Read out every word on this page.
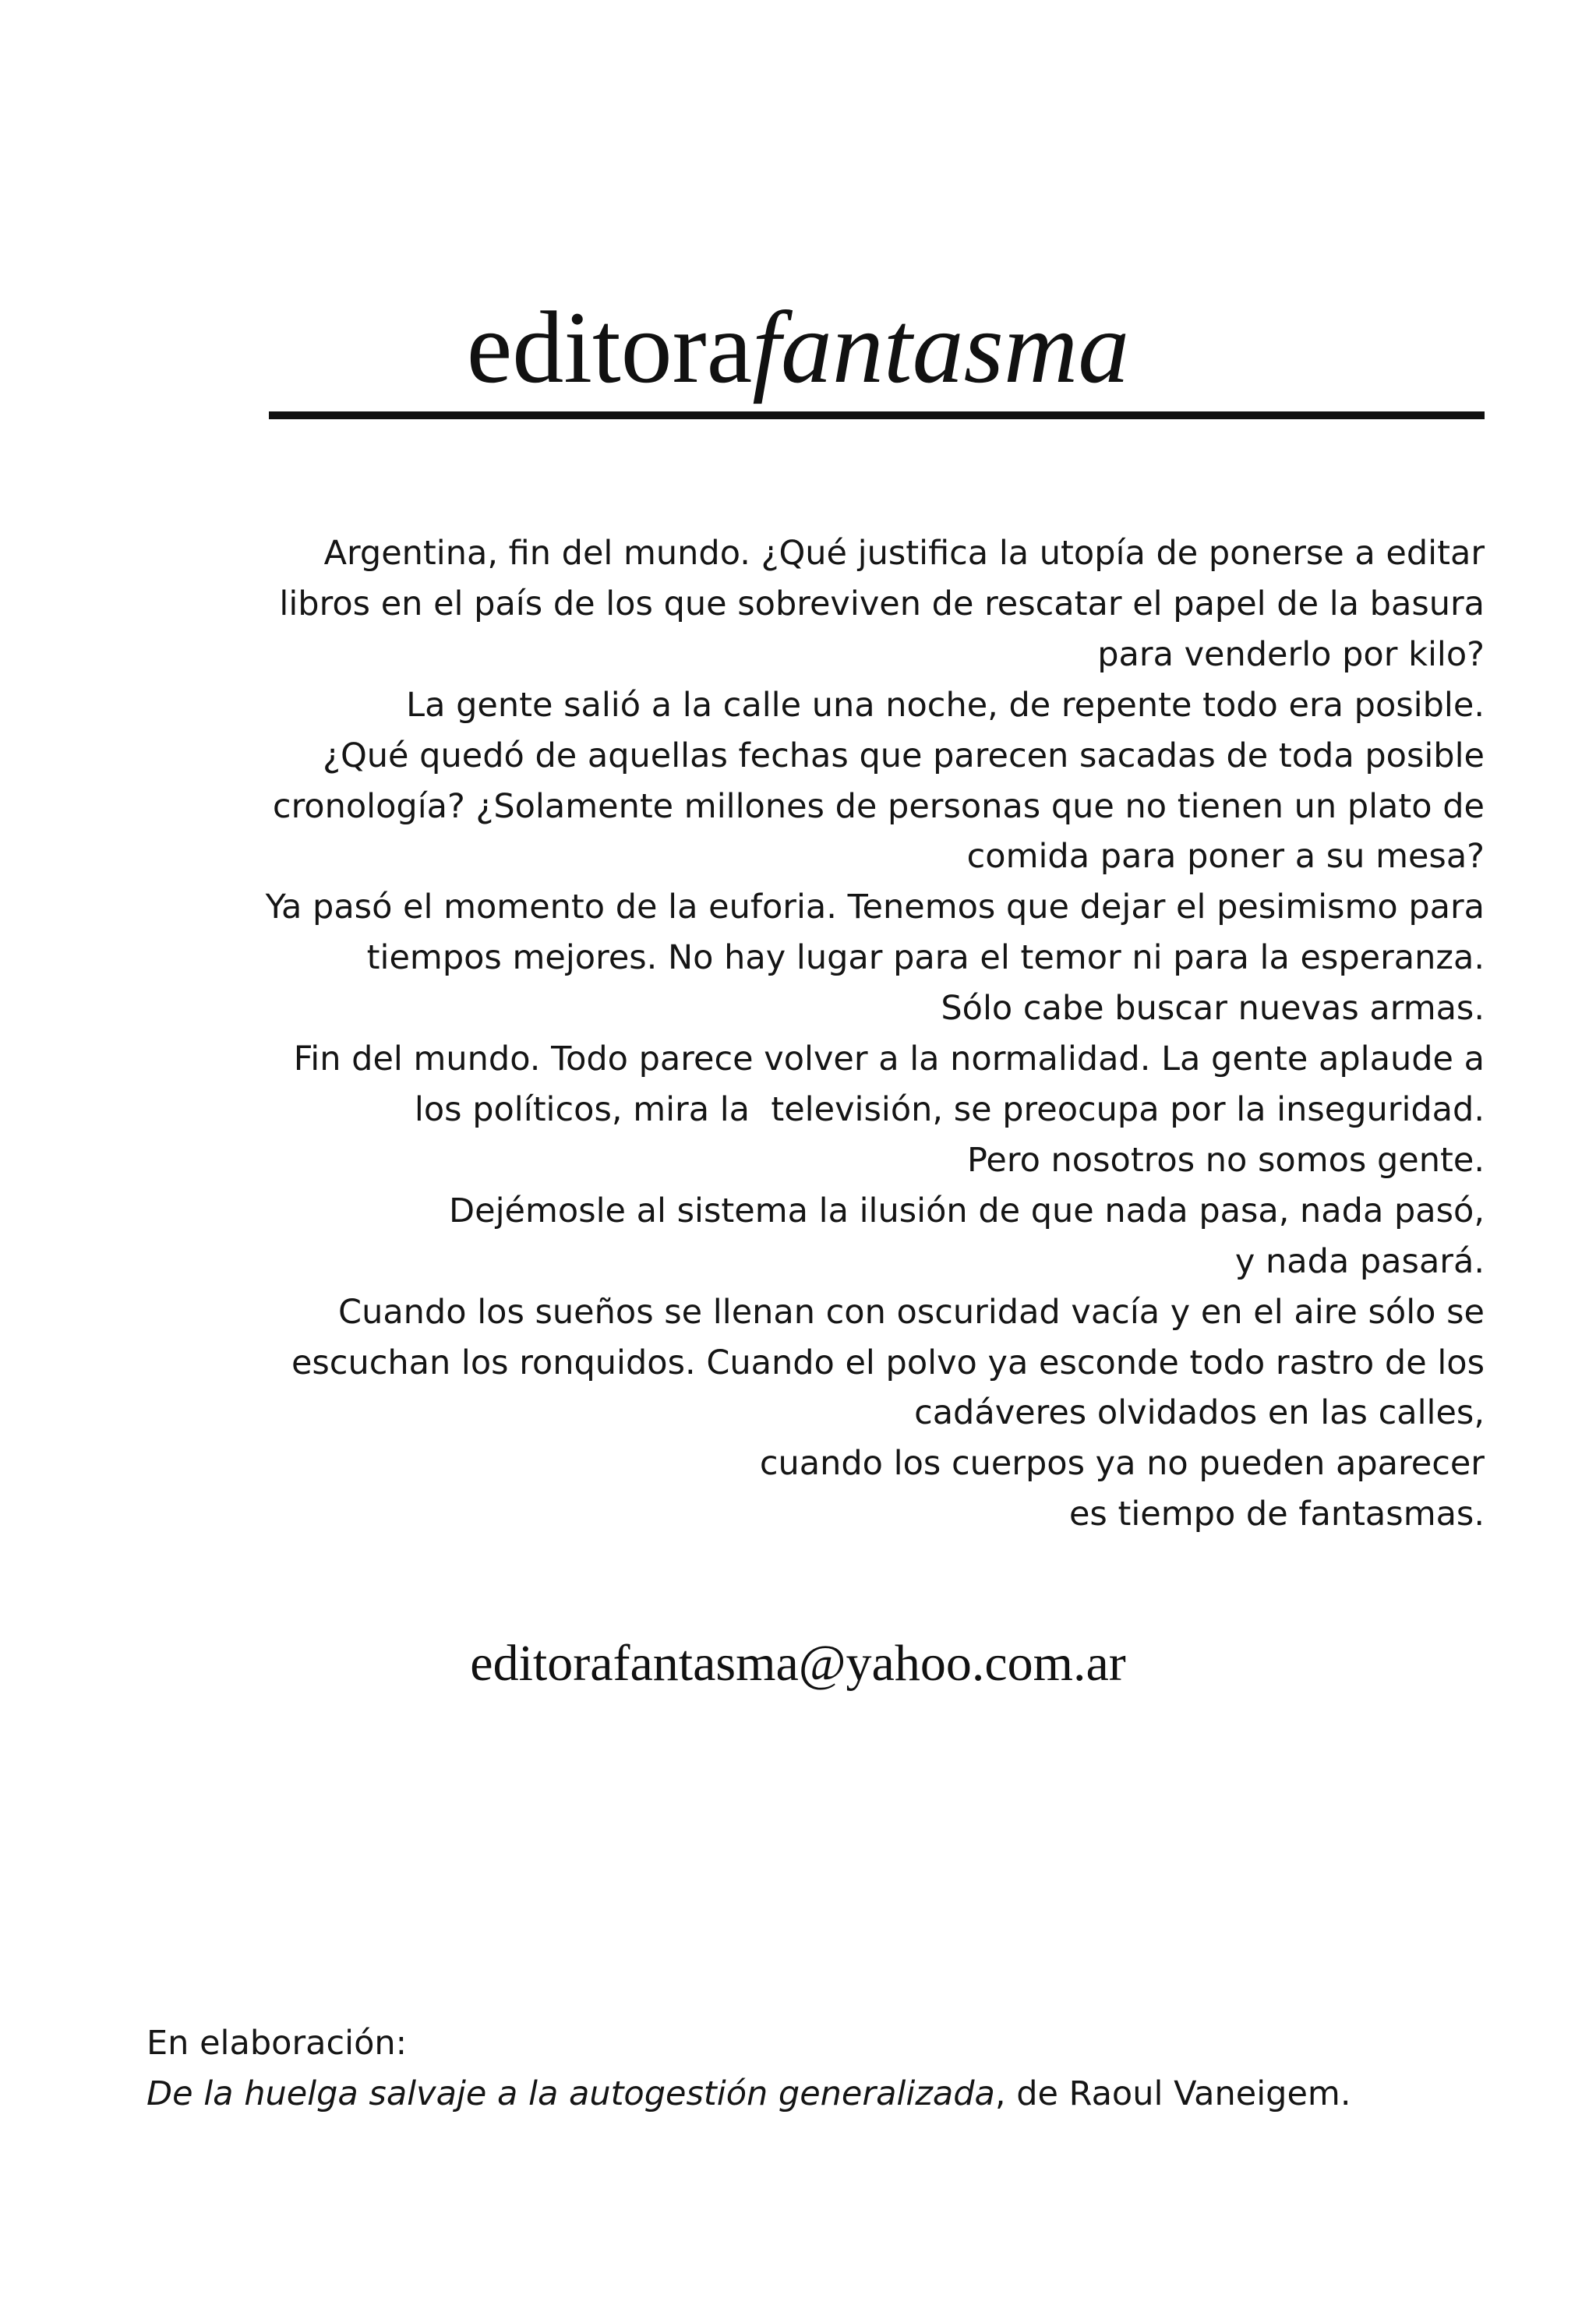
editorafantasma
Argentina, fin del mundo. ¿Qué justifica la utopía de ponerse a editar
libros en el país de los que sobreviven de rescatar el papel de la basura
para venderlo por kilo?
La gente salió a la calle una noche, de repente todo era posible.
¿Qué quedó de aquellas fechas que parecen sacadas de toda posible
cronología? ¿Solamente millones de personas que no tienen un plato de
comida para poner a su mesa?
Ya pasó el momento de la euforia. Tenemos que dejar el pesimismo para
tiempos mejores. No hay lugar para el temor ni para la esperanza.
Sólo cabe buscar nuevas armas.
Fin del mundo. Todo parece volver a la normalidad. La gente aplaude a
los políticos, mira la  televisión, se preocupa por la inseguridad.
Pero nosotros no somos gente.
Dejémosle al sistema la ilusión de que nada pasa, nada pasó,
y nada pasará.
Cuando los sueños se llenan con oscuridad vacía y en el aire sólo se
escuchan los ronquidos. Cuando el polvo ya esconde todo rastro de los
cadáveres olvidados en las calles,
cuando los cuerpos ya no pueden aparecer
es tiempo de fantasmas.
editorafantasma@yahoo.com.ar
En elaboración:
De la huelga salvaje a la autogestión generalizada, de Raoul Vaneigem.
